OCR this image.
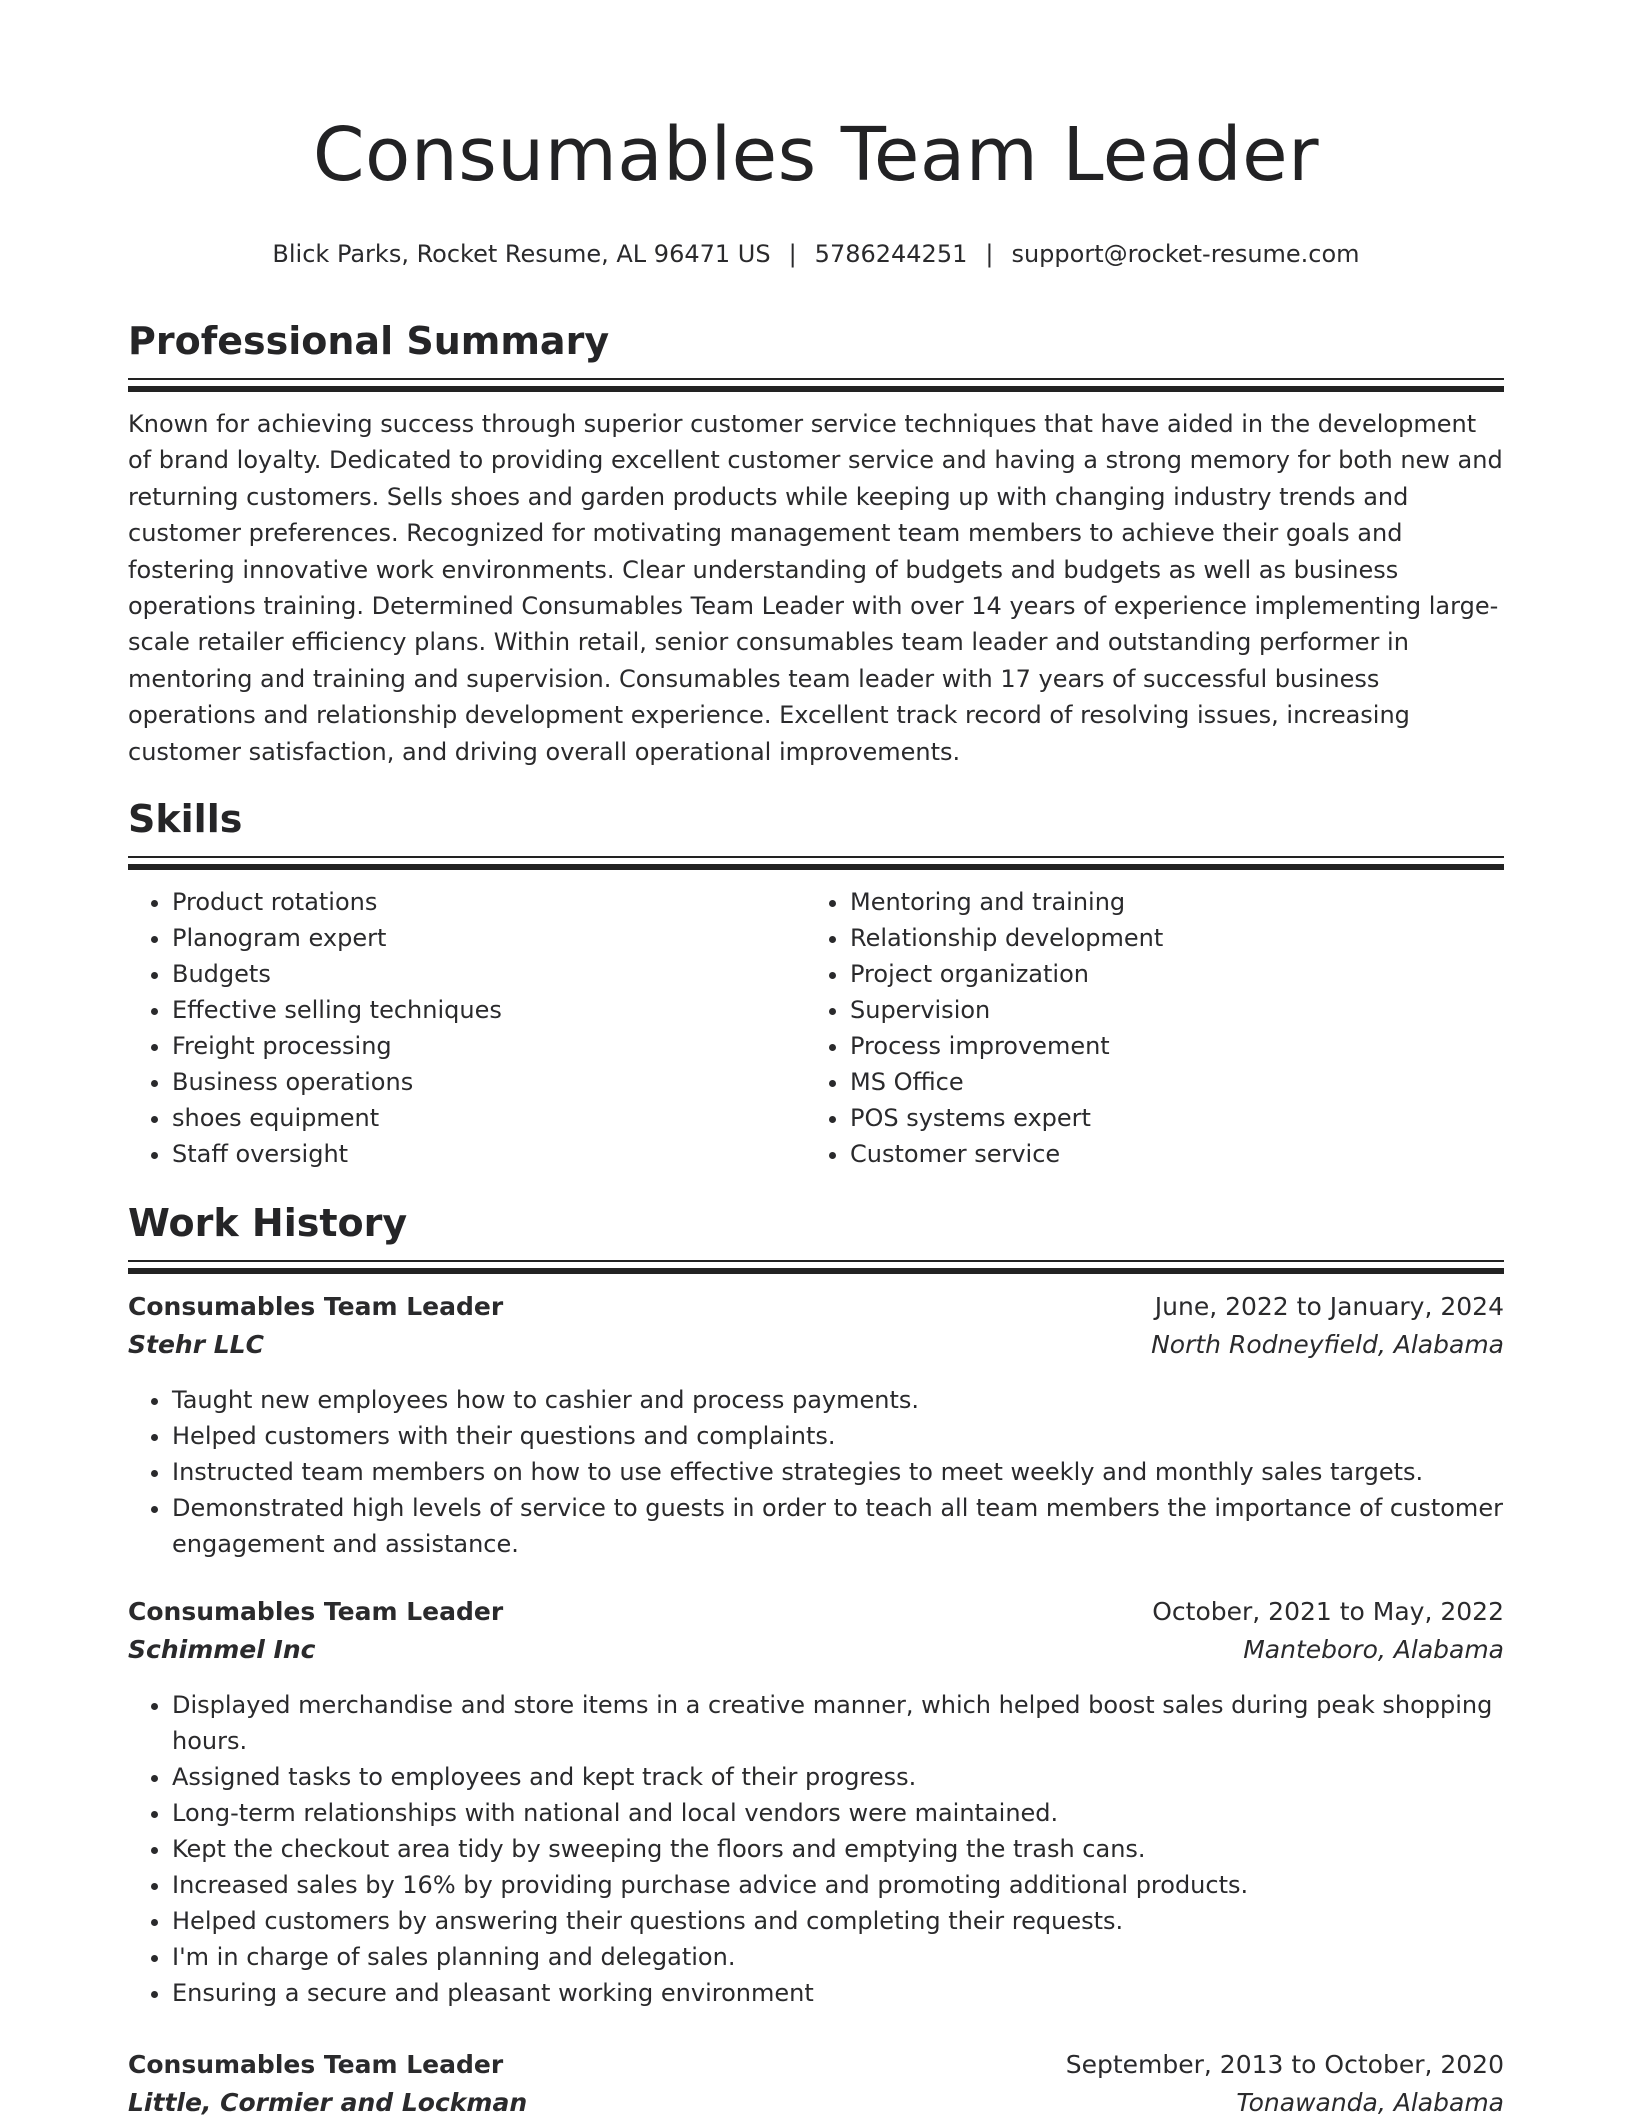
Consumables Team Leader
Blick Parks, Rocket Resume, AL 96471 US | 5786244251 | support@rocket-resume.com
Professional Summary
Known for achieving success through superior customer service techniques that have aided in the development of brand loyalty. Dedicated to providing excellent customer service and having a strong memory for both new and returning customers. Sells shoes and garden products while keeping up with changing industry trends and customer preferences. Recognized for motivating management team members to achieve their goals and fostering innovative work environments. Clear understanding of budgets and budgets as well as business operations training. Determined Consumables Team Leader with over 14 years of experience implementing large-scale retailer efficiency plans. Within retail, senior consumables team leader and outstanding performer in mentoring and training and supervision. Consumables team leader with 17 years of successful business operations and relationship development experience. Excellent track record of resolving issues, increasing customer satisfaction, and driving overall operational improvements.
Skills
• Product rotations
• Planogram expert
• Budgets
• Effective selling techniques
• Freight processing
• Business operations
• shoes equipment
• Staff oversight
• Mentoring and training
• Relationship development
• Project organization
• Supervision
• Process improvement
• MS Office
• POS systems expert
• Customer service
Work History
Consumables Team Leader	June, 2022 to January, 2024
Stehr LLC	North Rodneyfield, Alabama
• Taught new employees how to cashier and process payments.
• Helped customers with their questions and complaints.
• Instructed team members on how to use effective strategies to meet weekly and monthly sales targets.
• Demonstrated high levels of service to guests in order to teach all team members the importance of customer engagement and assistance.
Consumables Team Leader	October, 2021 to May, 2022
Schimmel Inc	Manteboro, Alabama
• Displayed merchandise and store items in a creative manner, which helped boost sales during peak shopping hours.
• Assigned tasks to employees and kept track of their progress.
• Long-term relationships with national and local vendors were maintained.
• Kept the checkout area tidy by sweeping the floors and emptying the trash cans.
• Increased sales by 16% by providing purchase advice and promoting additional products.
• Helped customers by answering their questions and completing their requests.
• I'm in charge of sales planning and delegation.
• Ensuring a secure and pleasant working environment
Consumables Team Leader	September, 2013 to October, 2020
Little, Cormier and Lockman	Tonawanda, Alabama
